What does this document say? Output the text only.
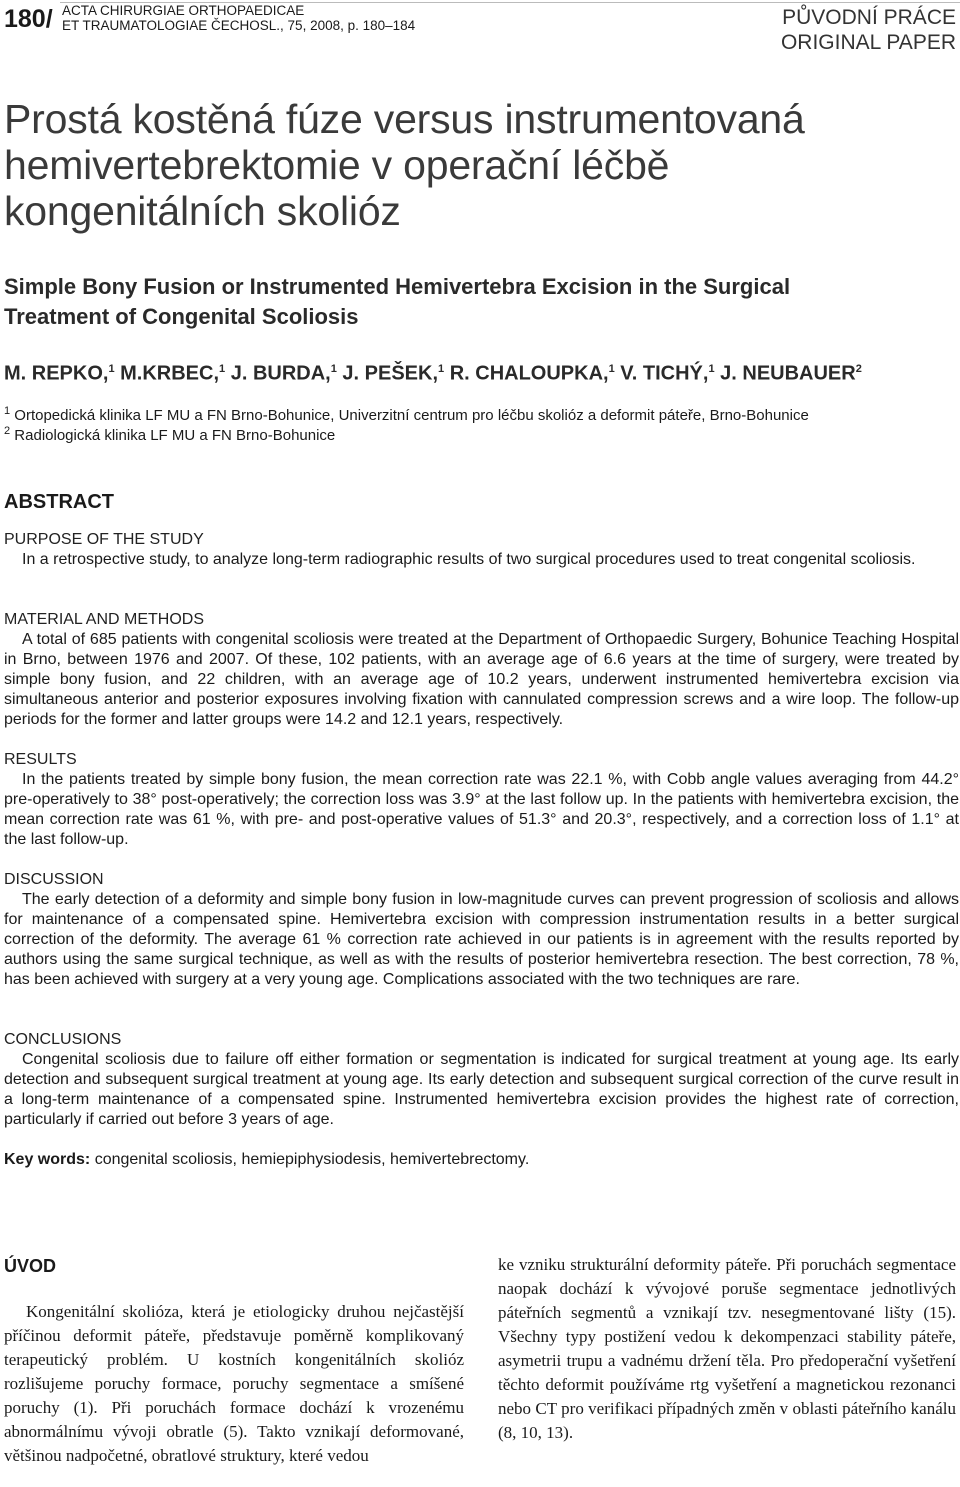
180/ ACTA CHIRURGIAE ORTHOPAEDICAE
ET TRAUMATOLOGIAE ČECHOSL., 75, 2008, p. 180–184	PŮVODNÍ PRÁCE
ORIGINAL PAPER
Prostá kostěná fúze versus instrumentovaná
hemivertebrektomie v operační léčbě
kongenitálních skolióz
Simple Bony Fusion or Instrumented Hemivertebra Excision in the Surgical
Treatment of Congenital Scoliosis
M. REPKO,$^1$ M.KRBEC,$^1$ J. BURDA,$^1$ J. PEŠEK,$^1$ R. CHALOUPKA,$^1$ V. TICHÝ,$^1$ J. NEUBAUER$^2$
$^1$ Ortopedická klinika LF MU a FN Brno-Bohunice, Univerzitní centrum pro léčbu skolióz a deformit páteře, Brno-Bohunice
$^2$ Radiologická klinika LF MU a FN Brno-Bohunice
ABSTRACT
PURPOSE OF THE STUDY
In a retrospective study, to analyze long-term radiographic results of two surgical procedures used to treat congenital scoliosis.
MATERIAL AND METHODS
A total of 685 patients with congenital scoliosis were treated at the Department of Orthopaedic Surgery, Bohunice Teaching Hospital in Brno, between 1976 and 2007. Of these, 102 patients, with an average age of 6.6 years at the time of surgery, were treated by simple bony fusion, and 22 children, with an average age of 10.2 years, underwent instrumented hemivertebra excision via simultaneous anterior and posterior exposures involving fixation with cannulated compression screws and a wire loop. The follow-up periods for the former and latter groups were 14.2 and 12.1 years, respectively.
RESULTS
In the patients treated by simple bony fusion, the mean correction rate was 22.1 %, with Cobb angle values averaging from 44.2° pre-operatively to 38° post-operatively; the correction loss was 3.9° at the last follow up. In the patients with hemivertebra excision, the mean correction rate was 61 %, with pre- and post-operative values of 51.3° and 20.3°, respectively, and a correction loss of 1.1° at the last follow-up.
DISCUSSION
The early detection of a deformity and simple bony fusion in low-magnitude curves can prevent progression of scoliosis and allows for maintenance of a compensated spine. Hemivertebra excision with compression instrumentation results in a better surgical correction of the deformity. The average 61 % correction rate achieved in our patients is in agreement with the results reported by authors using the same surgical technique, as well as with the results of posterior hemivertebra resection. The best correction, 78 %, has been achieved with surgery at a very young age. Complications associated with the two techniques are rare.
CONCLUSIONS
Congenital scoliosis due to failure off either formation or segmentation is indicated for surgical treatment at young age. Its early detection and subsequent surgical treatment at young age. Its early detection and subsequent surgical correction of the curve result in a long-term maintenance of a compensated spine. Instrumented hemivertebra excision provides the highest rate of correction, particularly if carried out before 3 years of age.
Key words: congenital scoliosis, hemiepiphysiodesis, hemivertebrectomy.
ÚVOD
Kongenitální skolióza, která je etiologicky druhou nejčastější příčinou deformit páteře, představuje poměrně komplikovaný terapeutický problém. U kostních kongenitálních skolióz rozlišujeme poruchy formace, poruchy segmentace a smíšené poruchy (1). Při poruchách formace dochází k vrozenému abnormálnímu vývoji obratle (5). Takto vznikají deformované, většinou nadpočetné, obratlové struktury, které vedou
ke vzniku strukturální deformity páteře. Při poruchách segmentace naopak dochází k vývojové poruše segmentace jednotlivých páteřních segmentů a vznikají tzv. nesegmentované lišty (15). Všechny typy postižení vedou k dekompenzaci stability páteře, asymetrii trupu a vadnému držení těla. Pro předoperační vyšetření těchto deformit používáme rtg vyšetření a magnetickou rezonanci nebo CT pro verifikaci případných změn v oblasti páteřního kanálu (8, 10, 13).
